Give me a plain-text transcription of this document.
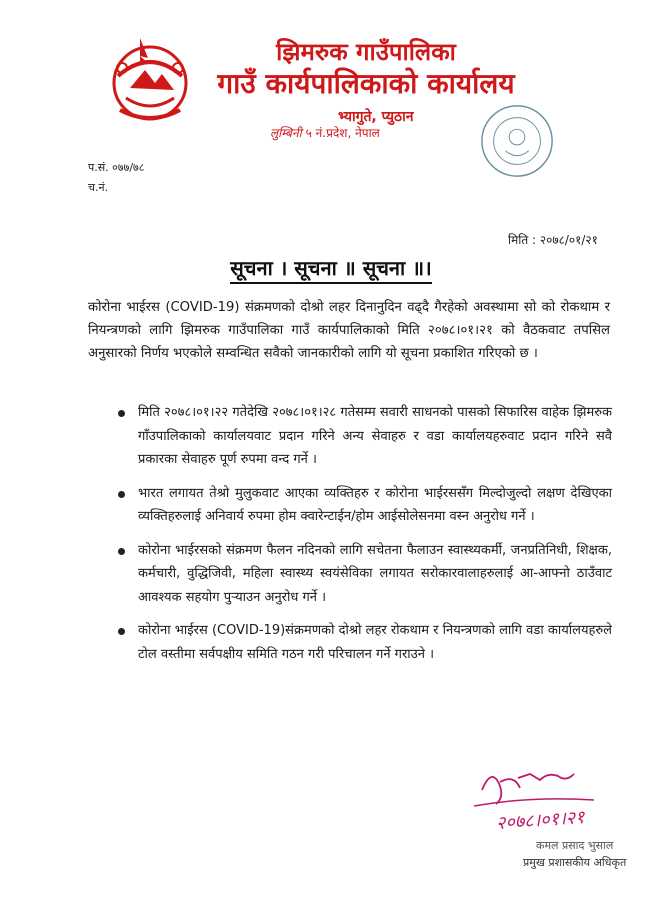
झिमरुक गाउँपालिका
गाउँ कार्यपालिकाको कार्यालय
भ्यागुते, प्युठान
लुम्बिनी ५ नं.प्रदेश, नेपाल
प.सं. ०७७/७८
च.नं.
मिति : २०७८/०१/२१
सूचना । सूचना ॥ सूचना ॥।
कोरोना भाईरस (COVID-19) संक्रमणको दोश्रो लहर दिनानुदिन वढ्दै गैरहेको अवस्थामा सो को रोकथाम र नियन्त्रणको लागि झिमरुक गाउँपालिका गाउँ कार्यपालिकाको मिति २०७८।०१।२१ को वैठकवाट तपसिल अनुसारको निर्णय भएकोले सम्वन्धित सवैको जानकारीको लागि यो सूचना प्रकाशित गरिएको छ ।
मिति २०७८।०१।२२ गतेदेखि २०७८।०१।२८ गतेसम्म सवारी साधनको पासको सिफारिस वाहेक झिमरुक गाँउपालिकाको कार्यालयवाट प्रदान गरिने अन्य सेवाहरु र वडा कार्यालयहरुवाट प्रदान गरिने सवै प्रकारका सेवाहरु पूर्ण रुपमा वन्द गर्ने ।
भारत लगायत तेश्रो मुलुकवाट आएका व्यक्तिहरु र कोरोना भाईरससँग मिल्दोजुल्दो लक्षण देखिएका व्यक्तिहरुलाई अनिवार्य रुपमा होम क्वारेन्टाईन/होम आईसोलेसनमा वस्न अनुरोध गर्ने ।
कोरोना भाईरसको संक्रमण फैलन नदिनको लागि सचेतना फैलाउन स्वास्थ्यकर्मी, जनप्रतिनिधी, शिक्षक, कर्मचारी, वुद्धिजिवी, महिला स्वास्थ्य स्वयंसेविका लगायत सरोकारवालाहरुलाई आ-आफ्नो ठाउँवाट आवश्यक सहयोग पुर्‍याउन अनुरोध गर्ने ।
कोरोना भाईरस (COVID-19)संक्रमणको दोश्रो लहर रोकथाम र नियन्त्रणको लागि वडा कार्यालयहरुले टोल वस्तीमा सर्वपक्षीय समिति गठन गरी परिचालन गर्ने गराउने ।
२०७८।०१।२१
कमल प्रसाद भुसाल
प्रमुख प्रशासकीय अधिकृत
